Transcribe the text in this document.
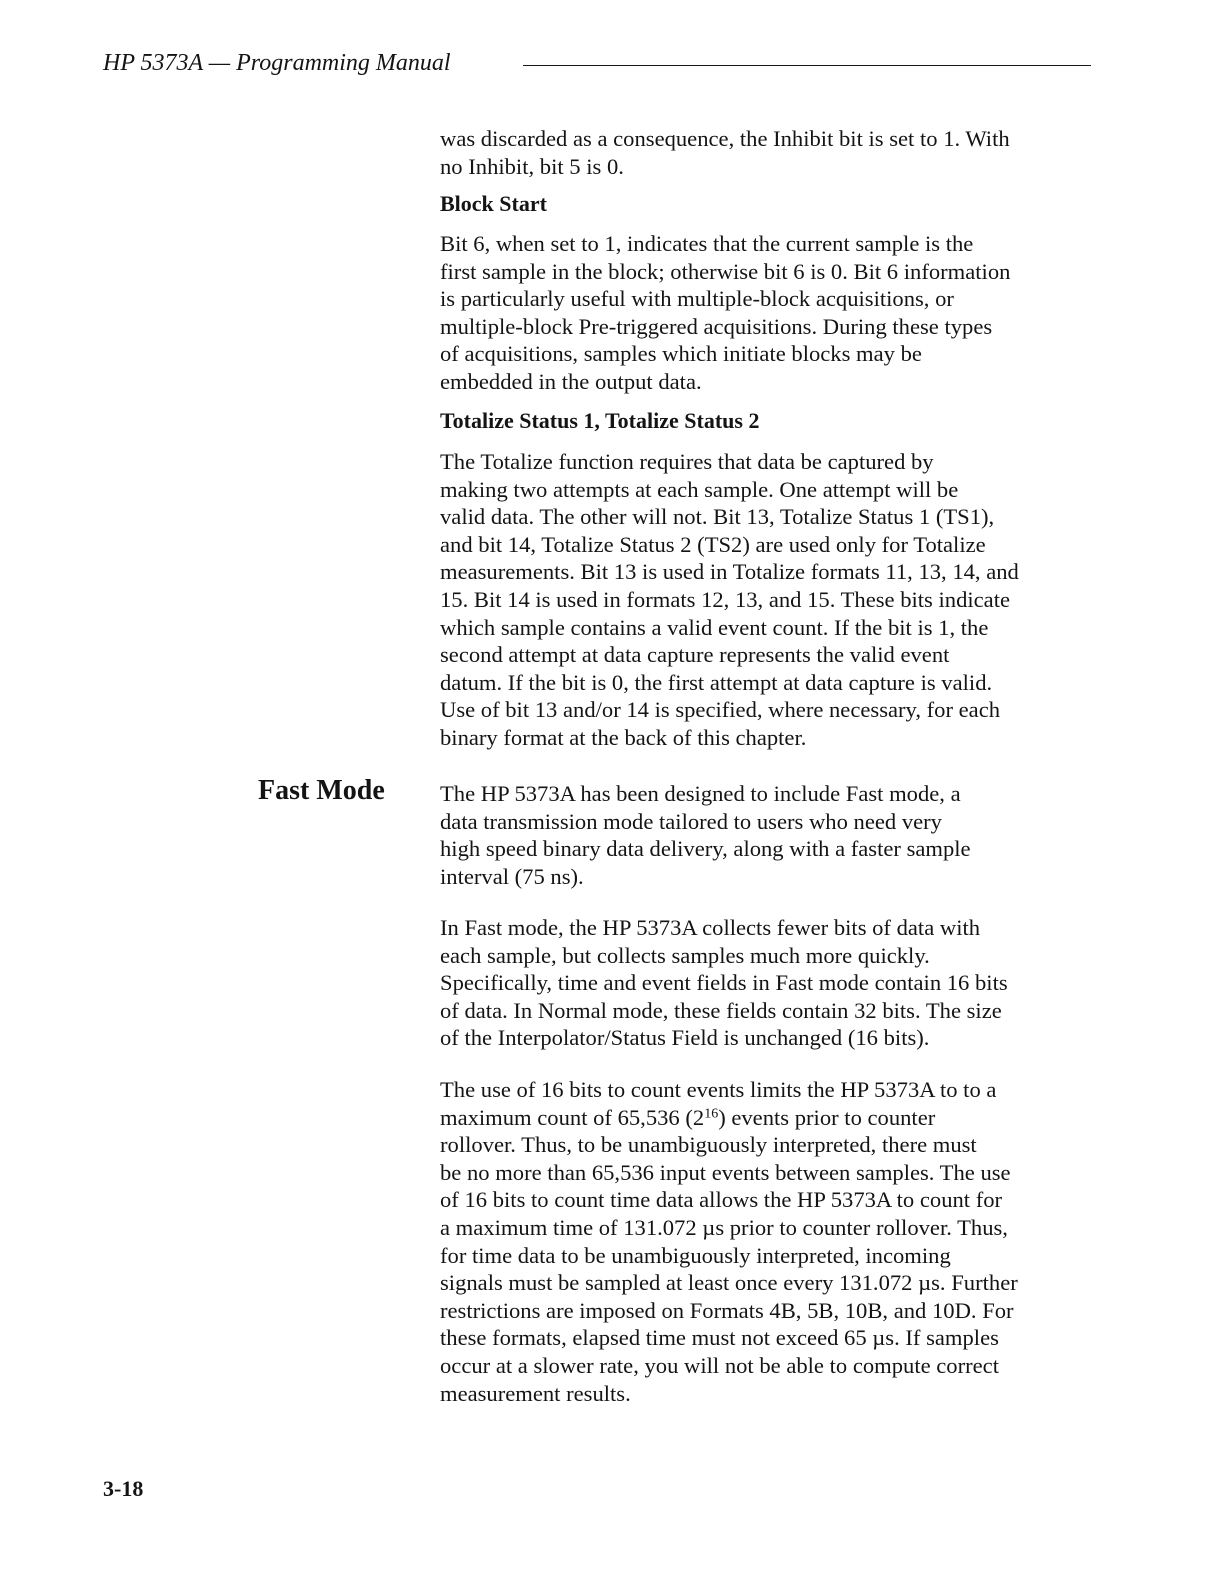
HP 5373A — Programming Manual

was discarded as a consequence, the Inhibit bit is set to 1. With

no Inhibit, bit 5 is 0.

Block Start

Bit 6, when set to 1, indicates that the current sample is the

first sample in the block; otherwise bit 6 is 0. Bit 6 information

is particularly useful with multiple-block acquisitions, or

multiple-block Pre-triggered acquisitions. During these types

of acquisitions, samples which initiate blocks may be

embedded in the output data.

Totalize Status 1, Totalize Status 2

The Totalize function requires that data be captured by

making two attempts at each sample. One attempt will be

valid data. The other will not. Bit 13, Totalize Status 1 (TS1),

and bit 14, Totalize Status 2 (TS2) are used only for Totalize

measurements. Bit 13 is used in Totalize formats 11, 13, 14, and

15. Bit 14 is used in formats 12, 13, and 15. These bits indicate

which sample contains a valid event count. If the bit is 1, the

second attempt at data capture represents the valid event

datum. If the bit is 0, the first attempt at data capture is valid.

Use of bit 13 and/or 14 is specified, where necessary, for each

binary format at the back of this chapter.

Fast Mode The HP 5373A has been designed to include Fast mode, a

data transmission mode tailored to users who need very

high speed binary data delivery, along with a faster sample

interval (75 ns).

In Fast mode, the HP 5373A collects fewer bits of data with

each sample, but collects samples much more quickly.

Specifically, time and event fields in Fast mode contain 16 bits

of data. In Normal mode, these fields contain 32 bits. The size

of the Interpolator/Status Field is unchanged (16 bits).

The use of 16 bits to count events limits the HP 5373A to to a

maximum count of 65,536 $(2^{16})$ events prior to counter

rollover. Thus, to be unambiguously interpreted, there must

be no more than 65,536 input events between samples. The use

of 16 bits to count time data allows the HP 5373A to count for

a maximum time of 131.072 µs prior to counter rollover. Thus,

for time data to be unambiguously interpreted, incoming

signals must be sampled at least once every 131.072 µs. Further

restrictions are imposed on Formats 4B, 5B, 10B, and 10D. For

these formats, elapsed time must not exceed 65 µs. If samples

occur at a slower rate, you will not be able to compute correct

measurement results.

3-18
